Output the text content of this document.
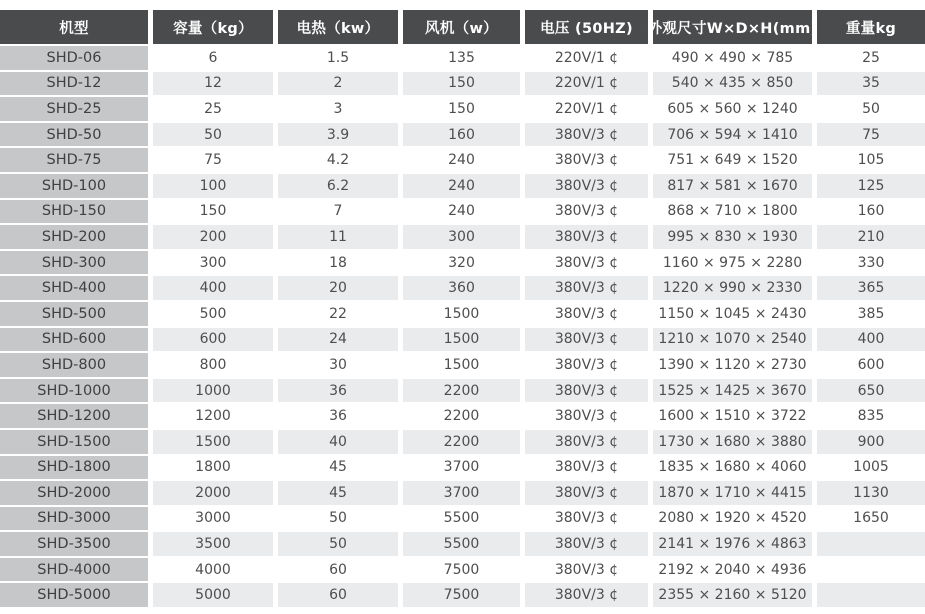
机型	容量（kg）	电热（kw）	风机（w）	电压 (50HZ)	外观尺寸W×D×H(mm)	重量kg
SHD-06	6	1.5	135	220V/1 ¢	490 × 490 × 785	25
SHD-12	12	2	150	220V/1 ¢	540 × 435 × 850	35
SHD-25	25	3	150	220V/1 ¢	605 × 560 × 1240	50
SHD-50	50	3.9	160	380V/3 ¢	706 × 594 × 1410	75
SHD-75	75	4.2	240	380V/3 ¢	751 × 649 × 1520	105
SHD-100	100	6.2	240	380V/3 ¢	817 × 581 × 1670	125
SHD-150	150	7	240	380V/3 ¢	868 × 710 × 1800	160
SHD-200	200	11	300	380V/3 ¢	995 × 830 × 1930	210
SHD-300	300	18	320	380V/3 ¢	1160 × 975 × 2280	330
SHD-400	400	20	360	380V/3 ¢	1220 × 990 × 2330	365
SHD-500	500	22	1500	380V/3 ¢	1150 × 1045 × 2430	385
SHD-600	600	24	1500	380V/3 ¢	1210 × 1070 × 2540	400
SHD-800	800	30	1500	380V/3 ¢	1390 × 1120 × 2730	600
SHD-1000	1000	36	2200	380V/3 ¢	1525 × 1425 × 3670	650
SHD-1200	1200	36	2200	380V/3 ¢	1600 × 1510 × 3722	835
SHD-1500	1500	40	2200	380V/3 ¢	1730 × 1680 × 3880	900
SHD-1800	1800	45	3700	380V/3 ¢	1835 × 1680 × 4060	1005
SHD-2000	2000	45	3700	380V/3 ¢	1870 × 1710 × 4415	1130
SHD-3000	3000	50	5500	380V/3 ¢	2080 × 1920 × 4520	1650
SHD-3500	3500	50	5500	380V/3 ¢	2141 × 1976 × 4863
SHD-4000	4000	60	7500	380V/3 ¢	2192 × 2040 × 4936
SHD-5000	5000	60	7500	380V/3 ¢	2355 × 2160 × 5120
